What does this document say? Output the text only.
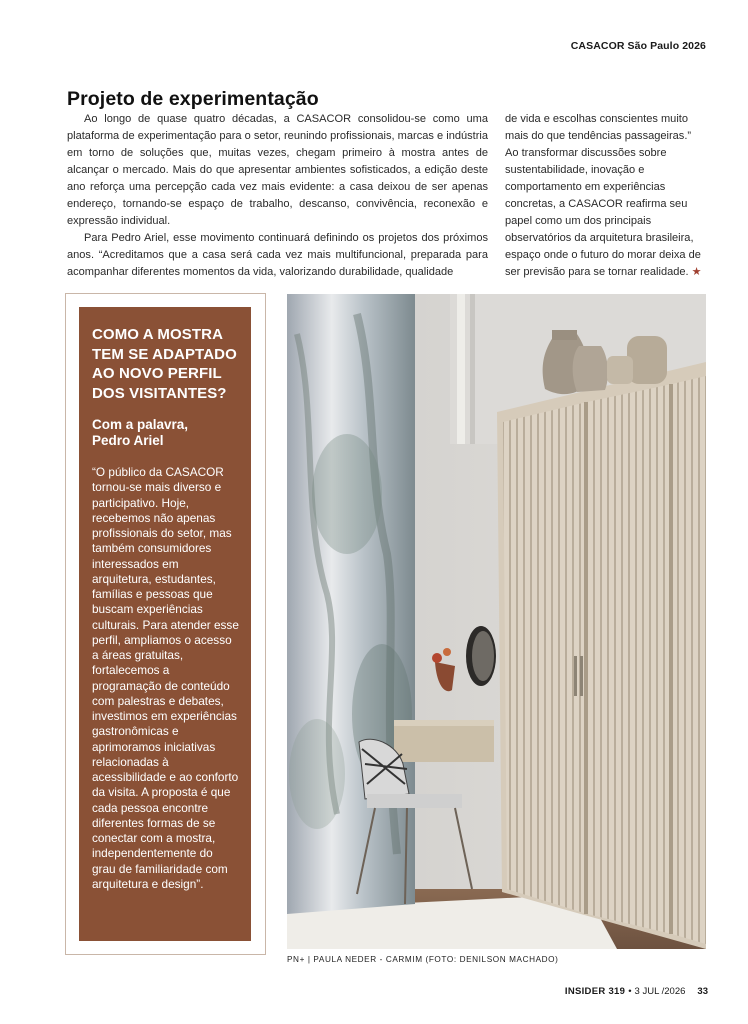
CASACOR São Paulo 2026
Projeto de experimentação

Ao longo de quase quatro décadas, a CASACOR consolidou-se como uma plataforma de experimentação para o setor, reunindo profissionais, marcas e indústria em torno de soluções que, muitas vezes, chegam primeiro à mostra antes de alcançar o mercado. Mais do que apresentar ambientes sofisticados, a edição deste ano reforça uma percepção cada vez mais evidente: a casa deixou de ser apenas endereço, tornando-se espaço de trabalho, descanso, convivência, reconexão e expressão individual.

Para Pedro Ariel, esse movimento continuará definindo os projetos dos próximos anos. “Acreditamos que a casa será cada vez mais multifuncional, preparada para acompanhar diferentes momentos da vida, valorizando durabilidade, qualidade

de vida e escolhas conscientes muito mais do que tendências passageiras.” Ao transformar discussões sobre sustentabilidade, inovação e comportamento em experiências concretas, a CASACOR reafirma seu papel como um dos principais observatórios da arquitetura brasileira, espaço onde o futuro do morar deixa de ser previsão para se tornar realidade. ★

COMO A MOSTRA TEM SE ADAPTADO AO NOVO PERFIL DOS VISITANTES?
Com a palavra,
Pedro Ariel

“O público da CASACOR tornou-se mais diverso e participativo. Hoje, recebemos não apenas profissionais do setor, mas também consumidores interessados em arquitetura, estudantes, famílias e pessoas que buscam experiências culturais. Para atender esse perfil, ampliamos o acesso a áreas gratuitas, fortalecemos a programação de conteúdo com palestras e debates, investimos em experiências gastronômicas e aprimoramos iniciativas relacionadas à acessibilidade e ao conforto da visita. A proposta é que cada pessoa encontre diferentes formas de se conectar com a mostra, independentemente do grau de familiaridade com arquitetura e design”.

PN+ | PAULA NEDER - CARMIM (FOTO: DENILSON MACHADO)
INSIDER 319 • 3 JUL /2026 33
